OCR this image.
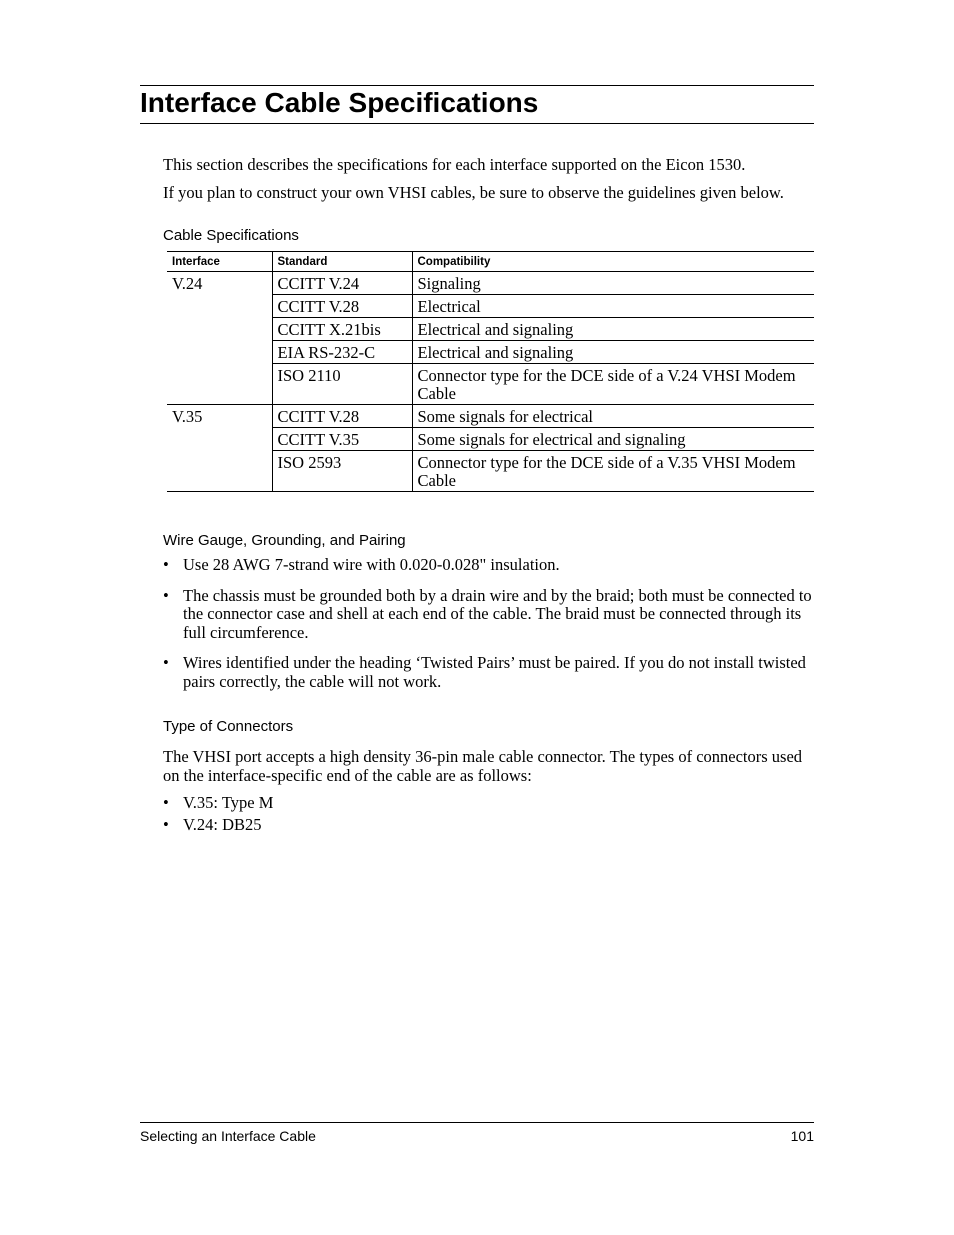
Interface Cable Specifications

This section describes the specifications for each interface supported on the Eicon 1530.

If you plan to construct your own VHSI cables, be sure to observe the guidelines given below.

Cable Specifications
Interface	Standard	Compatibility
V.24	CCITT V.24	Signaling
	CCITT V.28	Electrical
	CCITT X.21bis	Electrical and signaling
	EIA RS-232-C	Electrical and signaling
	ISO 2110	Connector type for the DCE side of a V.24 VHSI Modem Cable
V.35	CCITT V.28	Some signals for electrical
	CCITT V.35	Some signals for electrical and signaling
	ISO 2593	Connector type for the DCE side of a V.35 VHSI Modem Cable
Wire Gauge, Grounding, and Pairing
• Use 28 AWG 7-strand wire with 0.020-0.028" insulation.
• The chassis must be grounded both by a drain wire and by the braid; both must be connected to the connector case and shell at each end of the cable. The braid must be connected through its full circumference.
• Wires identified under the heading ‘Twisted Pairs’ must be paired. If you do not install twisted pairs correctly, the cable will not work.
Type of Connectors

The VHSI port accepts a high density 36-pin male cable connector. The types of connectors used on the interface-specific end of the cable are as follows:

• V.35: Type M
• V.24: DB25
Selecting an Interface Cable	101
